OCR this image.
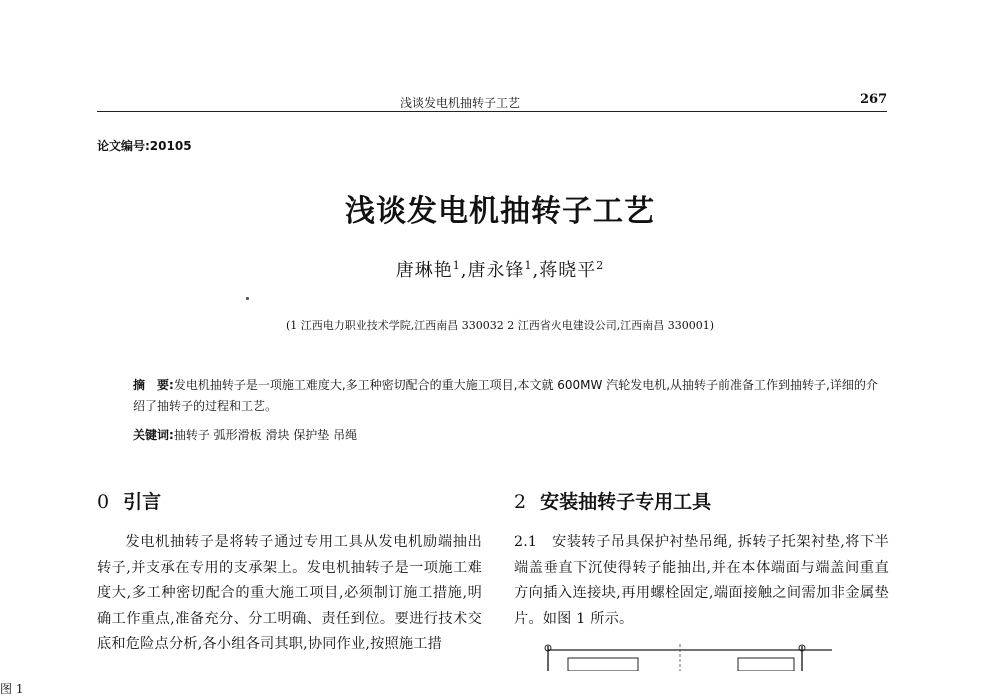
浅谈发电机抽转子工艺	267
论文编号:20105
浅谈发电机抽转子工艺
唐琳艳$^1$,唐永锋$^1$,蒋晓平$^2$
(1 江西电力职业技术学院,江西南昌 330032 2 江西省火电建设公司,江西南昌 330001)
摘　要:发电机抽转子是一项施工难度大,多工种密切配合的重大施工项目,本文就 600MW 汽轮发电机,从抽转子前准备工作到抽转子,详细的介绍了抽转子的过程和工艺。
关键词:抽转子 弧形滑板 滑块 保护垫 吊绳
0 引言	2 安装抽转子专用工具
发电机抽转子是将转子通过专用工具从发电机励端抽出转子,并支承在专用的支承架上。发电机抽转子是一项施工难度大,多工种密切配合的重大施工项目,必须制订施工措施,明确工作重点,准备充分、分工明确、责任到位。要进行技术交底和危险点分析,各小组各司其职,协同作业,按照施工措
2.1　安装转子吊具保护衬垫吊绳, 拆转子托架衬垫,将下半端盖垂直下沉使得转子能抽出,并在本体端面与端盖间重直方向插入连接块,再用螺栓固定,端面接触之间需加非金属垫片。如图 1 所示。
图 1
